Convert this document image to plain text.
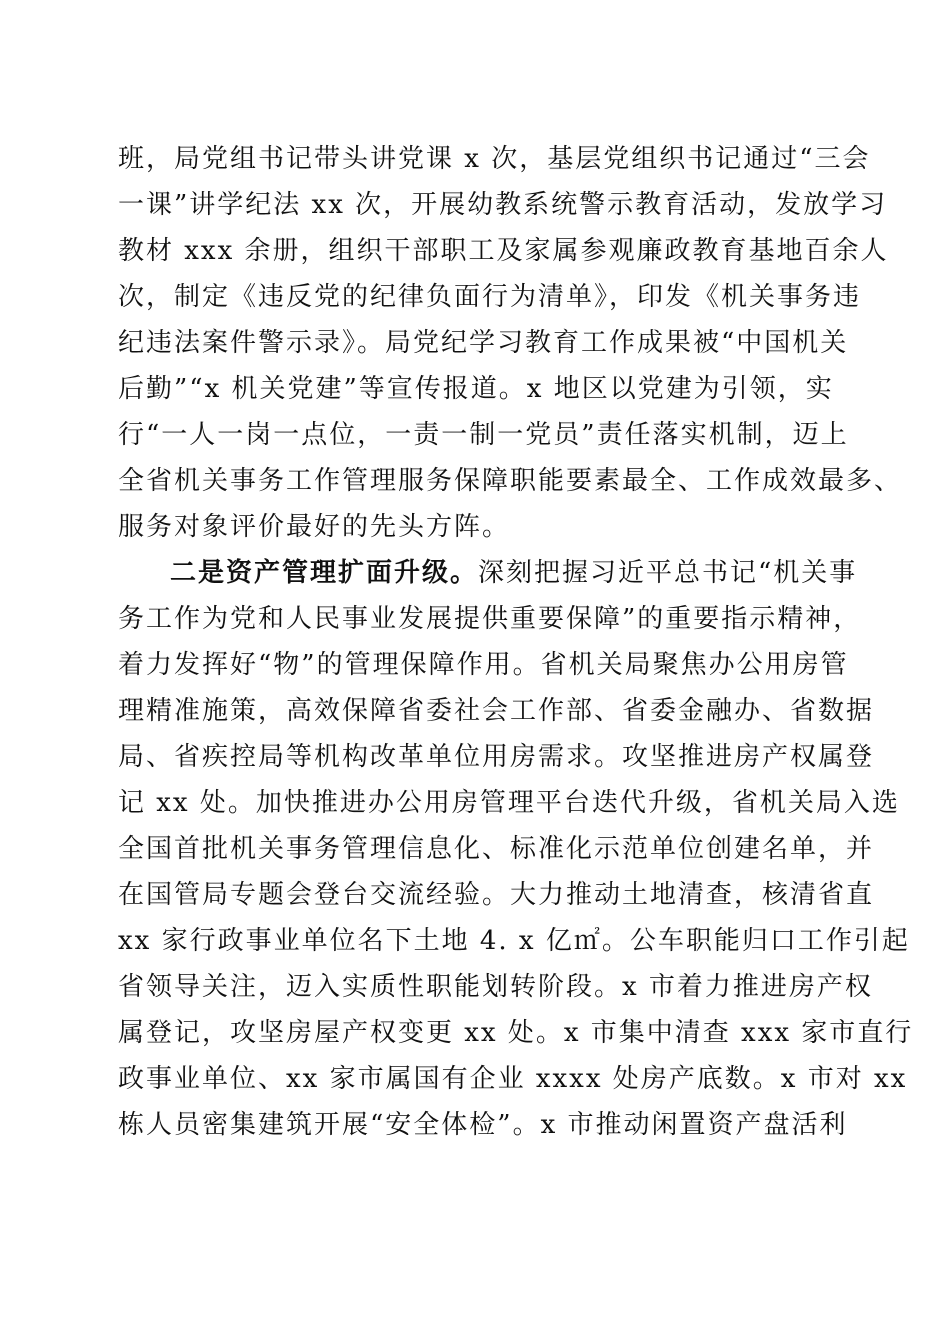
班，局党组书记带头讲党课 x 次，基层党组织书记通过“三会

一课”讲学纪法 xx 次，开展幼教系统警示教育活动，发放学习

教材 xxx 余册，组织干部职工及家属参观廉政教育基地百余人

次，制定《违反党的纪律负面行为清单》，印发《机关事务违

纪违法案件警示录》。局党纪学习教育工作成果被“中国机关

后勤”“x 机关党建”等宣传报道。x 地区以党建为引领，实

行“一人一岗一点位，一责一制一党员”责任落实机制，迈上

全省机关事务工作管理服务保障职能要素最全、工作成效最多、

服务对象评价最好的先头方阵。

二是资产管理扩面升级。深刻把握习近平总书记“机关事

务工作为党和人民事业发展提供重要保障”的重要指示精神，

着力发挥好“物”的管理保障作用。省机关局聚焦办公用房管

理精准施策，高效保障省委社会工作部、省委金融办、省数据

局、省疾控局等机构改革单位用房需求。攻坚推进房产权属登

记 xx 处。加快推进办公用房管理平台迭代升级，省机关局入选

全国首批机关事务管理信息化、标准化示范单位创建名单，并

在国管局专题会登台交流经验。大力推动土地清查，核清省直

xx 家行政事业单位名下土地 4. x 亿㎡。公车职能归口工作引起

省领导关注，迈入实质性职能划转阶段。x 市着力推进房产权

属登记，攻坚房屋产权变更 xx 处。x 市集中清查 xxx 家市直行

政事业单位、xx 家市属国有企业 xxxx 处房产底数。x 市对 xx

栋人员密集建筑开展“安全体检”。x 市推动闲置资产盘活利
